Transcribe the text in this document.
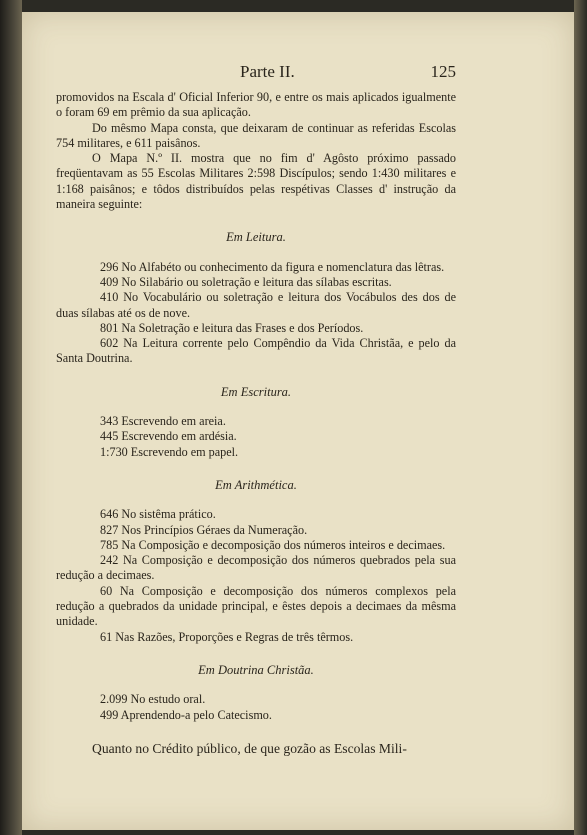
Parte II.	125

promovidos na Escala d' Oficial Inferior 90, e entre os mais aplicados igualmente o foram 69 em prêmio da sua aplicação.

Do mêsmo Mapa consta, que deixaram de continuar as referidas Escolas 754 militares, e 611 paisânos.

O Mapa N.º II. mostra que no fim d' Agôsto próximo passado freqüentavam as 55 Escolas Militares 2:598 Discípulos; sendo 1:430 militares e 1:168 paisânos; e tôdos distribuídos pelas respétivas Classes d' instrução da maneira seguinte:

Em Leitura.

296 No Alfabéto ou conhecimento da figura e nomenclatura das lêtras.

409 No Silabário ou soletração e leitura das sílabas escritas.

410 No Vocabulário ou soletração e leitura dos Vocábulos des dos de duas sílabas até os de nove.

801 Na Soletração e leitura das Frases e dos Períodos.

602 Na Leitura corrente pelo Compêndio da Vida Christãa, e pelo da Santa Doutrina.

Em Escritura.

343 Escrevendo em areia.

445 Escrevendo em ardésia.

1:730 Escrevendo em papel.

Em Arithmética.

646 No sistêma prático.

827 Nos Princípios Géraes da Numeração.

785 Na Composição e decomposição dos números inteiros e decimaes.

242 Na Composição e decomposição dos números quebrados pela sua redução a decimaes.

60 Na Composição e decomposição dos números complexos pela redução a quebrados da unidade principal, e êstes depois a decimaes da mêsma unidade.

61 Nas Razões, Proporções e Regras de três têrmos.

Em Doutrina Christãa.

2.099 No estudo oral.

499 Aprendendo-a pelo Catecismo.

Quanto no Crédito público, de que gozão as Escolas Mili-
